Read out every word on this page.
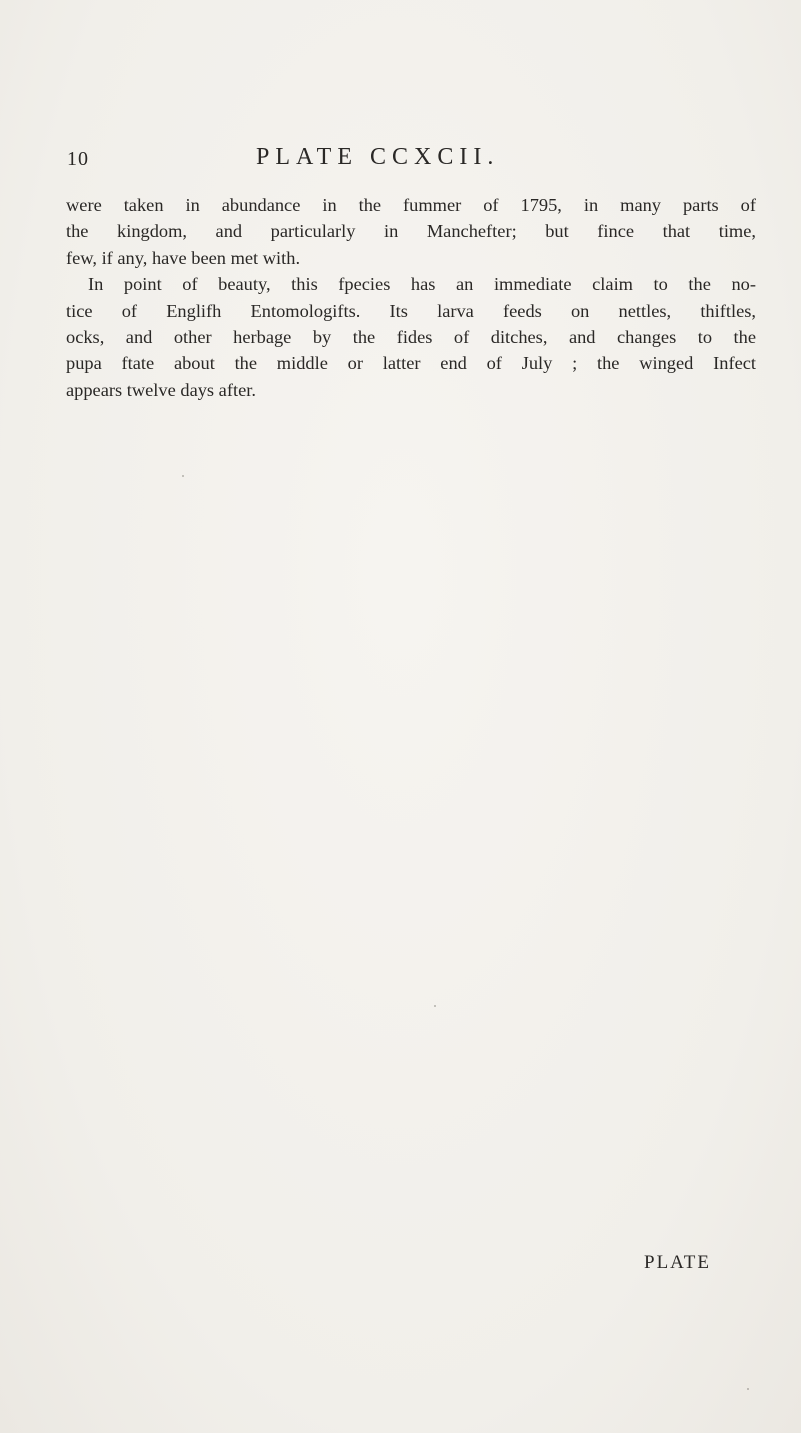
10	PLATE CCXCII.

were taken in abundance in the fummer of 1795, in many parts of
the kingdom, and particularly in Manchefter; but fince that time,
few, if any, have been met with.

In point of beauty, this fpecies has an immediate claim to the no-
tice of Englifh Entomologifts. Its larva feeds on nettles, thiftles,
ocks, and other herbage by the fides of ditches, and changes to the
pupa ftate about the middle or latter end of July ; the winged Infect
appears twelve days after.

PLATE
